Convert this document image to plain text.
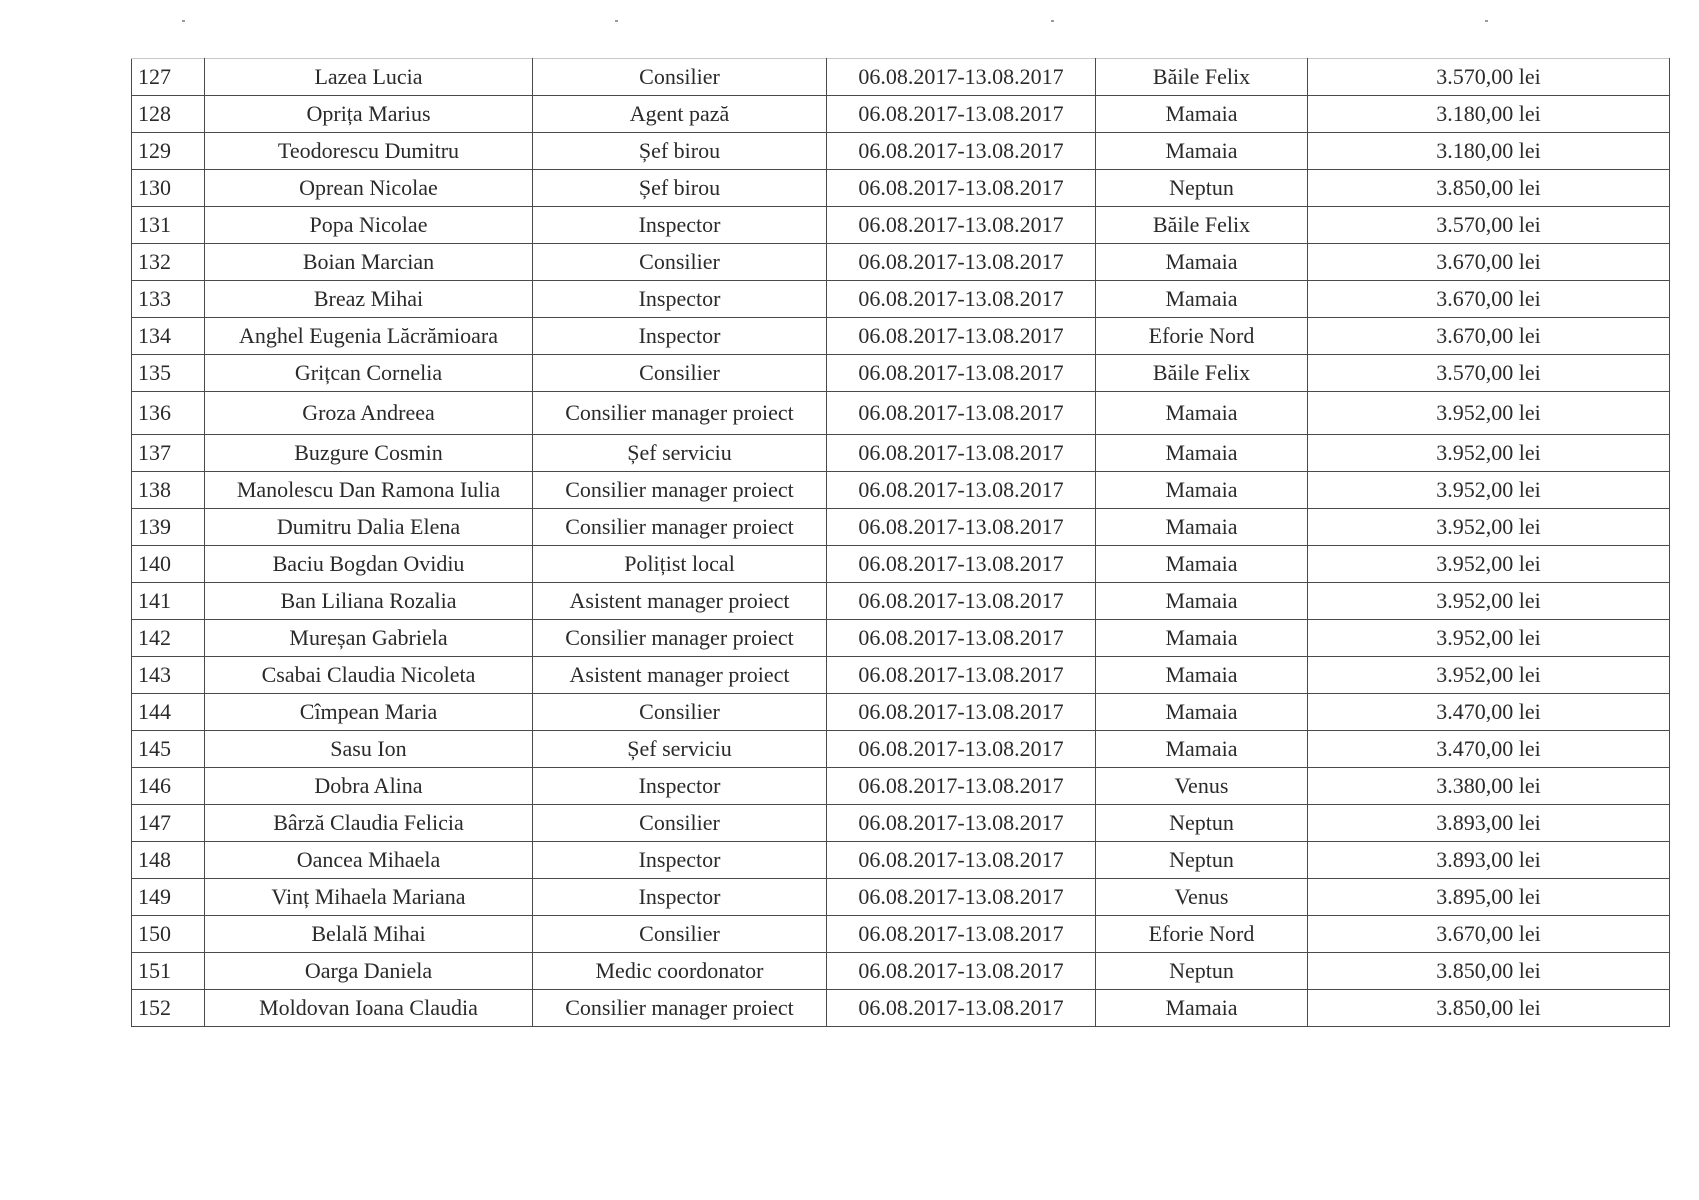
127	Lazea Lucia	Consilier	06.08.2017-13.08.2017	Băile Felix	3.570,00 lei
128	Oprița Marius	Agent pază	06.08.2017-13.08.2017	Mamaia	3.180,00 lei
129	Teodorescu Dumitru	Șef birou	06.08.2017-13.08.2017	Mamaia	3.180,00 lei
130	Oprean Nicolae	Șef birou	06.08.2017-13.08.2017	Neptun	3.850,00 lei
131	Popa Nicolae	Inspector	06.08.2017-13.08.2017	Băile Felix	3.570,00 lei
132	Boian Marcian	Consilier	06.08.2017-13.08.2017	Mamaia	3.670,00 lei
133	Breaz Mihai	Inspector	06.08.2017-13.08.2017	Mamaia	3.670,00 lei
134	Anghel Eugenia Lăcrămioara	Inspector	06.08.2017-13.08.2017	Eforie Nord	3.670,00 lei
135	Grițcan Cornelia	Consilier	06.08.2017-13.08.2017	Băile Felix	3.570,00 lei
136	Groza Andreea	Consilier manager proiect	06.08.2017-13.08.2017	Mamaia	3.952,00 lei
137	Buzgure Cosmin	Șef serviciu	06.08.2017-13.08.2017	Mamaia	3.952,00 lei
138	Manolescu Dan Ramona Iulia	Consilier manager proiect	06.08.2017-13.08.2017	Mamaia	3.952,00 lei
139	Dumitru Dalia Elena	Consilier manager proiect	06.08.2017-13.08.2017	Mamaia	3.952,00 lei
140	Baciu Bogdan Ovidiu	Polițist local	06.08.2017-13.08.2017	Mamaia	3.952,00 lei
141	Ban Liliana Rozalia	Asistent manager proiect	06.08.2017-13.08.2017	Mamaia	3.952,00 lei
142	Mureșan Gabriela	Consilier manager proiect	06.08.2017-13.08.2017	Mamaia	3.952,00 lei
143	Csabai Claudia Nicoleta	Asistent manager proiect	06.08.2017-13.08.2017	Mamaia	3.952,00 lei
144	Cîmpean Maria	Consilier	06.08.2017-13.08.2017	Mamaia	3.470,00 lei
145	Sasu Ion	Șef serviciu	06.08.2017-13.08.2017	Mamaia	3.470,00 lei
146	Dobra Alina	Inspector	06.08.2017-13.08.2017	Venus	3.380,00 lei
147	Bârză Claudia Felicia	Consilier	06.08.2017-13.08.2017	Neptun	3.893,00 lei
148	Oancea Mihaela	Inspector	06.08.2017-13.08.2017	Neptun	3.893,00 lei
149	Vinț Mihaela Mariana	Inspector	06.08.2017-13.08.2017	Venus	3.895,00 lei
150	Belală Mihai	Consilier	06.08.2017-13.08.2017	Eforie Nord	3.670,00 lei
151	Oarga Daniela	Medic coordonator	06.08.2017-13.08.2017	Neptun	3.850,00 lei
152	Moldovan Ioana Claudia	Consilier manager proiect	06.08.2017-13.08.2017	Mamaia	3.850,00 lei
